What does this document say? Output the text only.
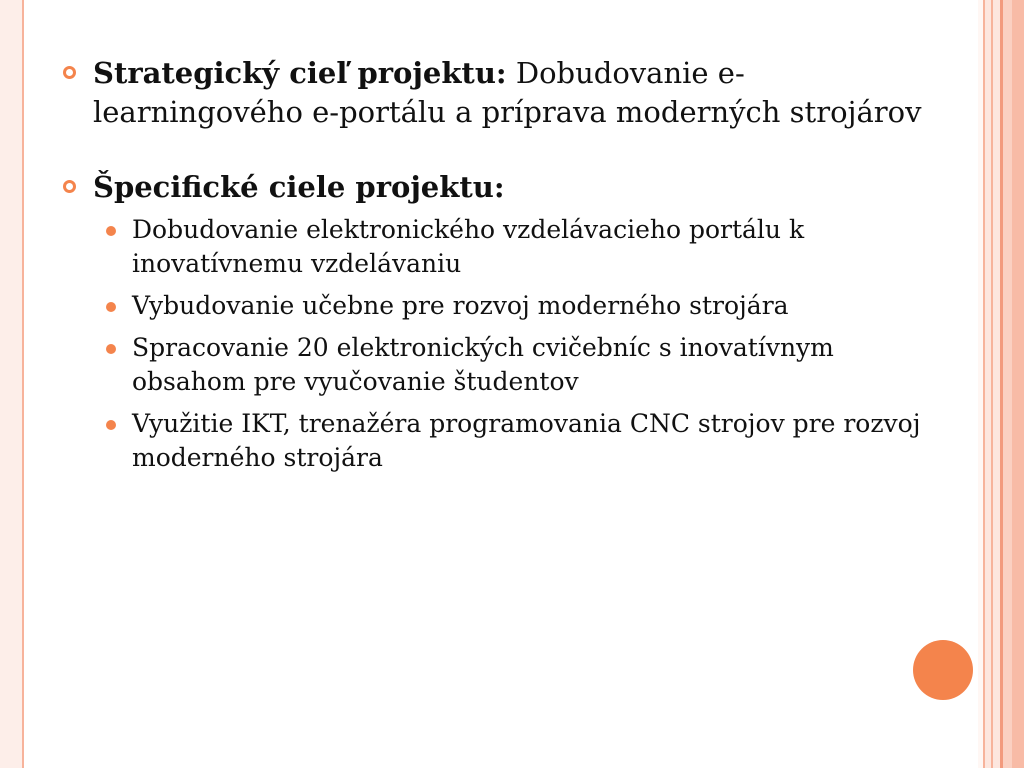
Strategický cieľ projektu: Dobudovanie e-learningového e-portálu a príprava moderných strojárov
Špecifické ciele projektu:
Dobudovanie elektronického vzdelávacieho portálu k inovatívnemu vzdelávaniu
Vybudovanie učebne pre rozvoj moderného strojára
Spracovanie 20 elektronických cvičebníc s inovatívnym obsahom pre vyučovanie študentov
Využitie IKT, trenažéra programovania CNC strojov pre rozvoj moderného strojára
